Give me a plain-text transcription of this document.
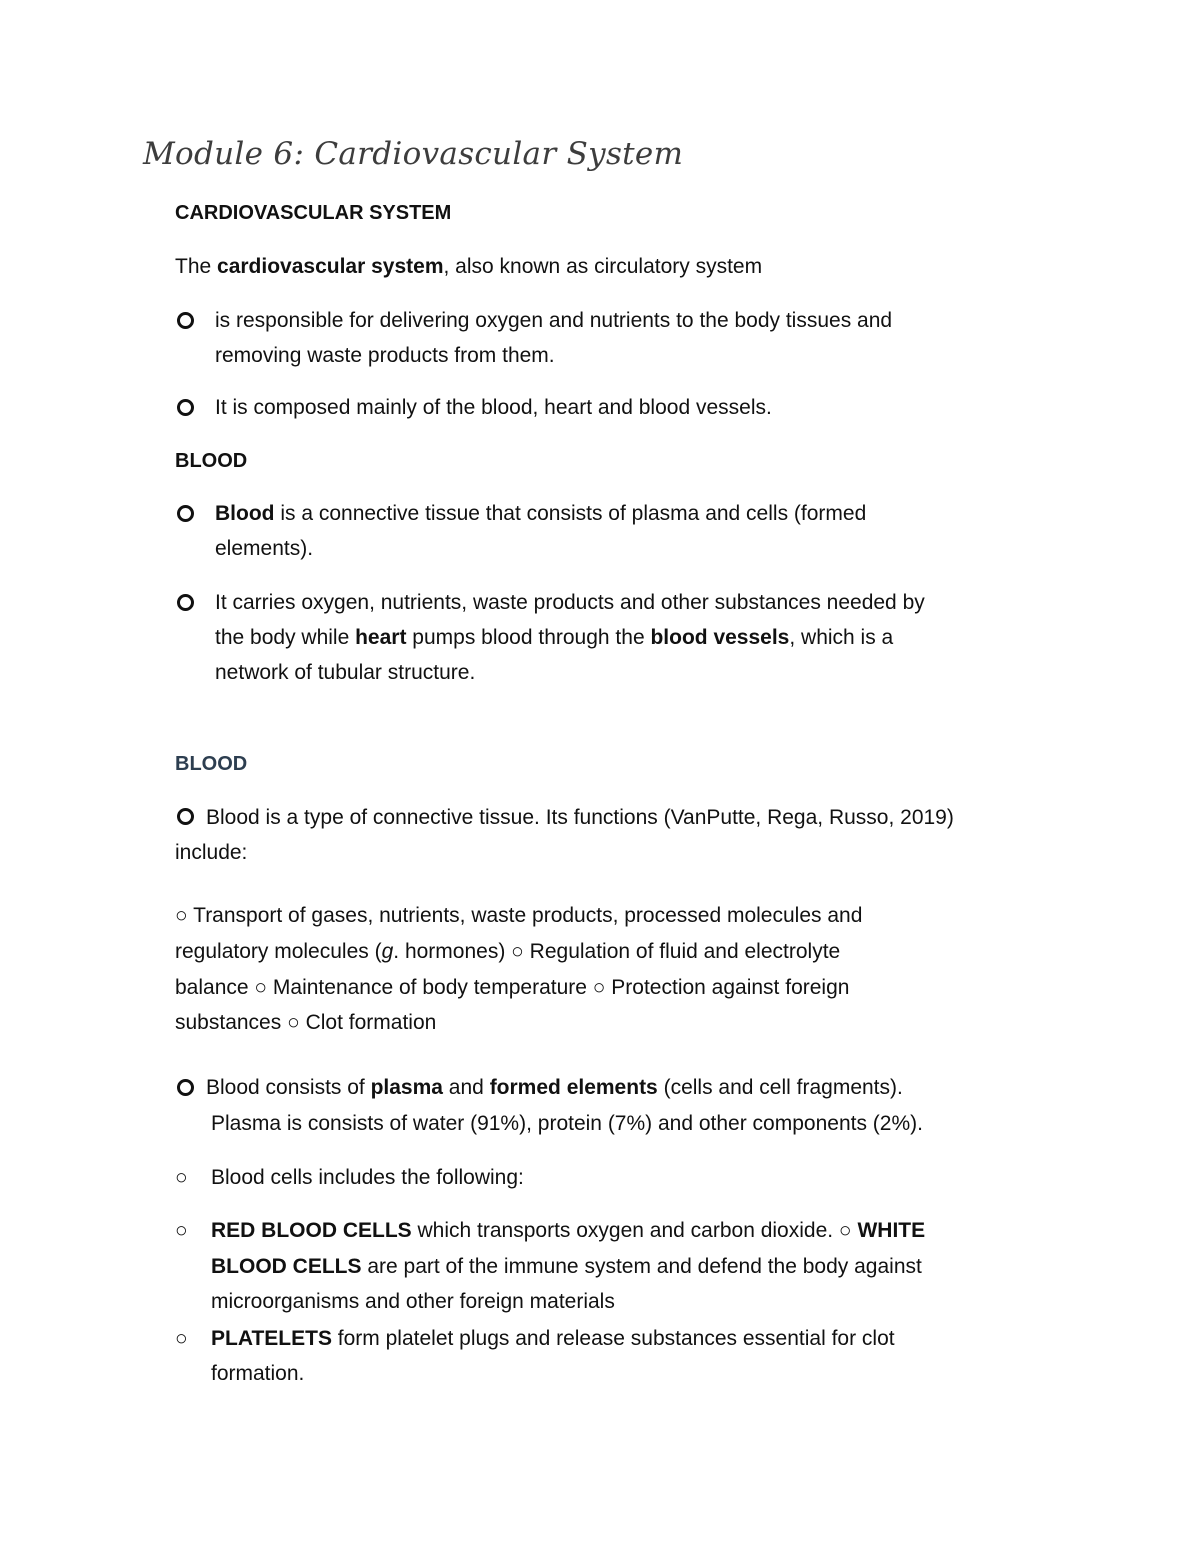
Module 6: Cardiovascular System
CARDIOVASCULAR SYSTEM
The cardiovascular system, also known as circulatory system
is responsible for delivering oxygen and nutrients to the body tissues and
removing waste products from them.
It is composed mainly of the blood, heart and blood vessels.
BLOOD
Blood is a connective tissue that consists of plasma and cells (formed
elements).
It carries oxygen, nutrients, waste products and other substances needed by
the body while heart pumps blood through the blood vessels, which is a
network of tubular structure.
BLOOD
Blood is a type of connective tissue. Its functions (VanPutte, Rega, Russo, 2019)
include:
○ Transport of gases, nutrients, waste products, processed molecules and
regulatory molecules (g. hormones) ○ Regulation of fluid and electrolyte
balance ○ Maintenance of body temperature ○ Protection against foreign
substances ○ Clot formation
Blood consists of plasma and formed elements (cells and cell fragments).
Plasma is consists of water (91%), protein (7%) and other components (2%).
○ Blood cells includes the following:
○ RED BLOOD CELLS which transports oxygen and carbon dioxide. ○ WHITE
BLOOD CELLS are part of the immune system and defend the body against
microorganisms and other foreign materials
○ PLATELETS form platelet plugs and release substances essential for clot
formation.
